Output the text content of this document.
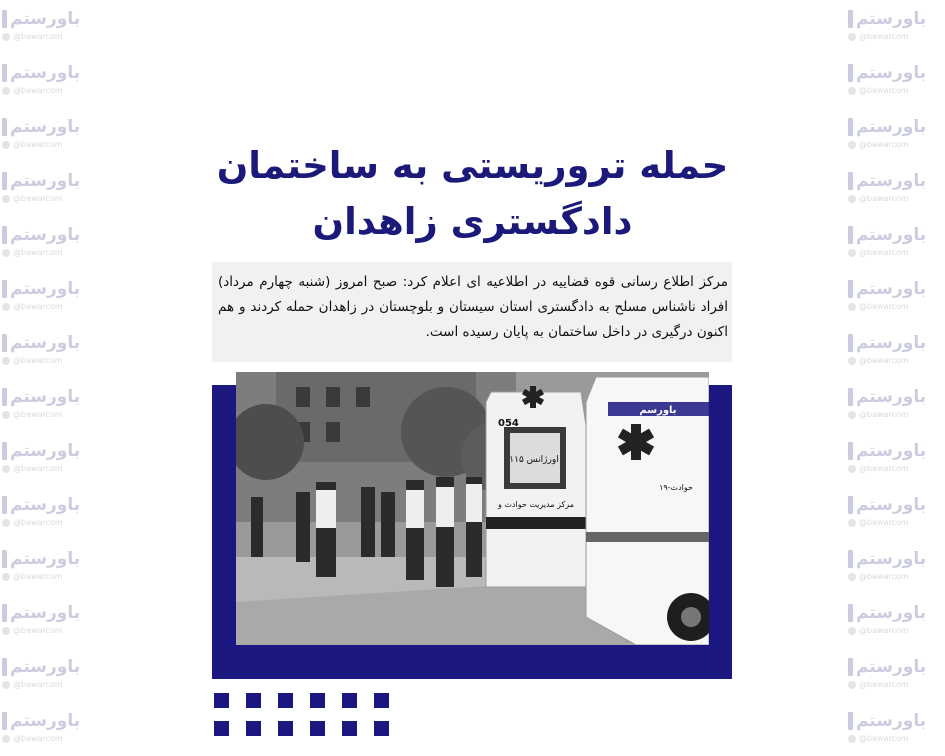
باورستم
@bawarcom
باورستم
@bawarcom
باورستم
@bawarcom
باورستم
@bawarcom
باورستم
@bawarcom
باورستم
@bawarcom
باورستم
@bawarcom
باورستم
@bawarcom
باورستم
@bawarcom
باورستم
@bawarcom
باورستم
@bawarcom
باورستم
@bawarcom
باورستم
@bawarcom
باورستم
@bawarcom
باورستم
@bawarcom
باورستم
@bawarcom
باورستم
@bawarcom
باورستم
@bawarcom
باورستم
@bawarcom
باورستم
@bawarcom
باورستم
@bawarcom
باورستم
@bawarcom
باورستم
@bawarcom
باورستم
@bawarcom
باورستم
@bawarcom
باورستم
@bawarcom
باورستم
@bawarcom
باورستم
@bawarcom
حمله تروریستی به ساختمان
دادگستری زاهدان

مرکز اطلاع رسانی قوه قضاییه در اطلاعیه ای اعلام کرد: صبح امروز (شنبه چهارم مرداد) افراد ناشناس مسلح به دادگستری استان سیستان و بلوچستان در زاهدان حمله کردند و هم اکنون درگیری در داخل ساختمان به پایان رسیده است.

054
اورژانس ۱۱۵
مرکز مدیریت حوادث و
حوادث-۱۹
باورسم
